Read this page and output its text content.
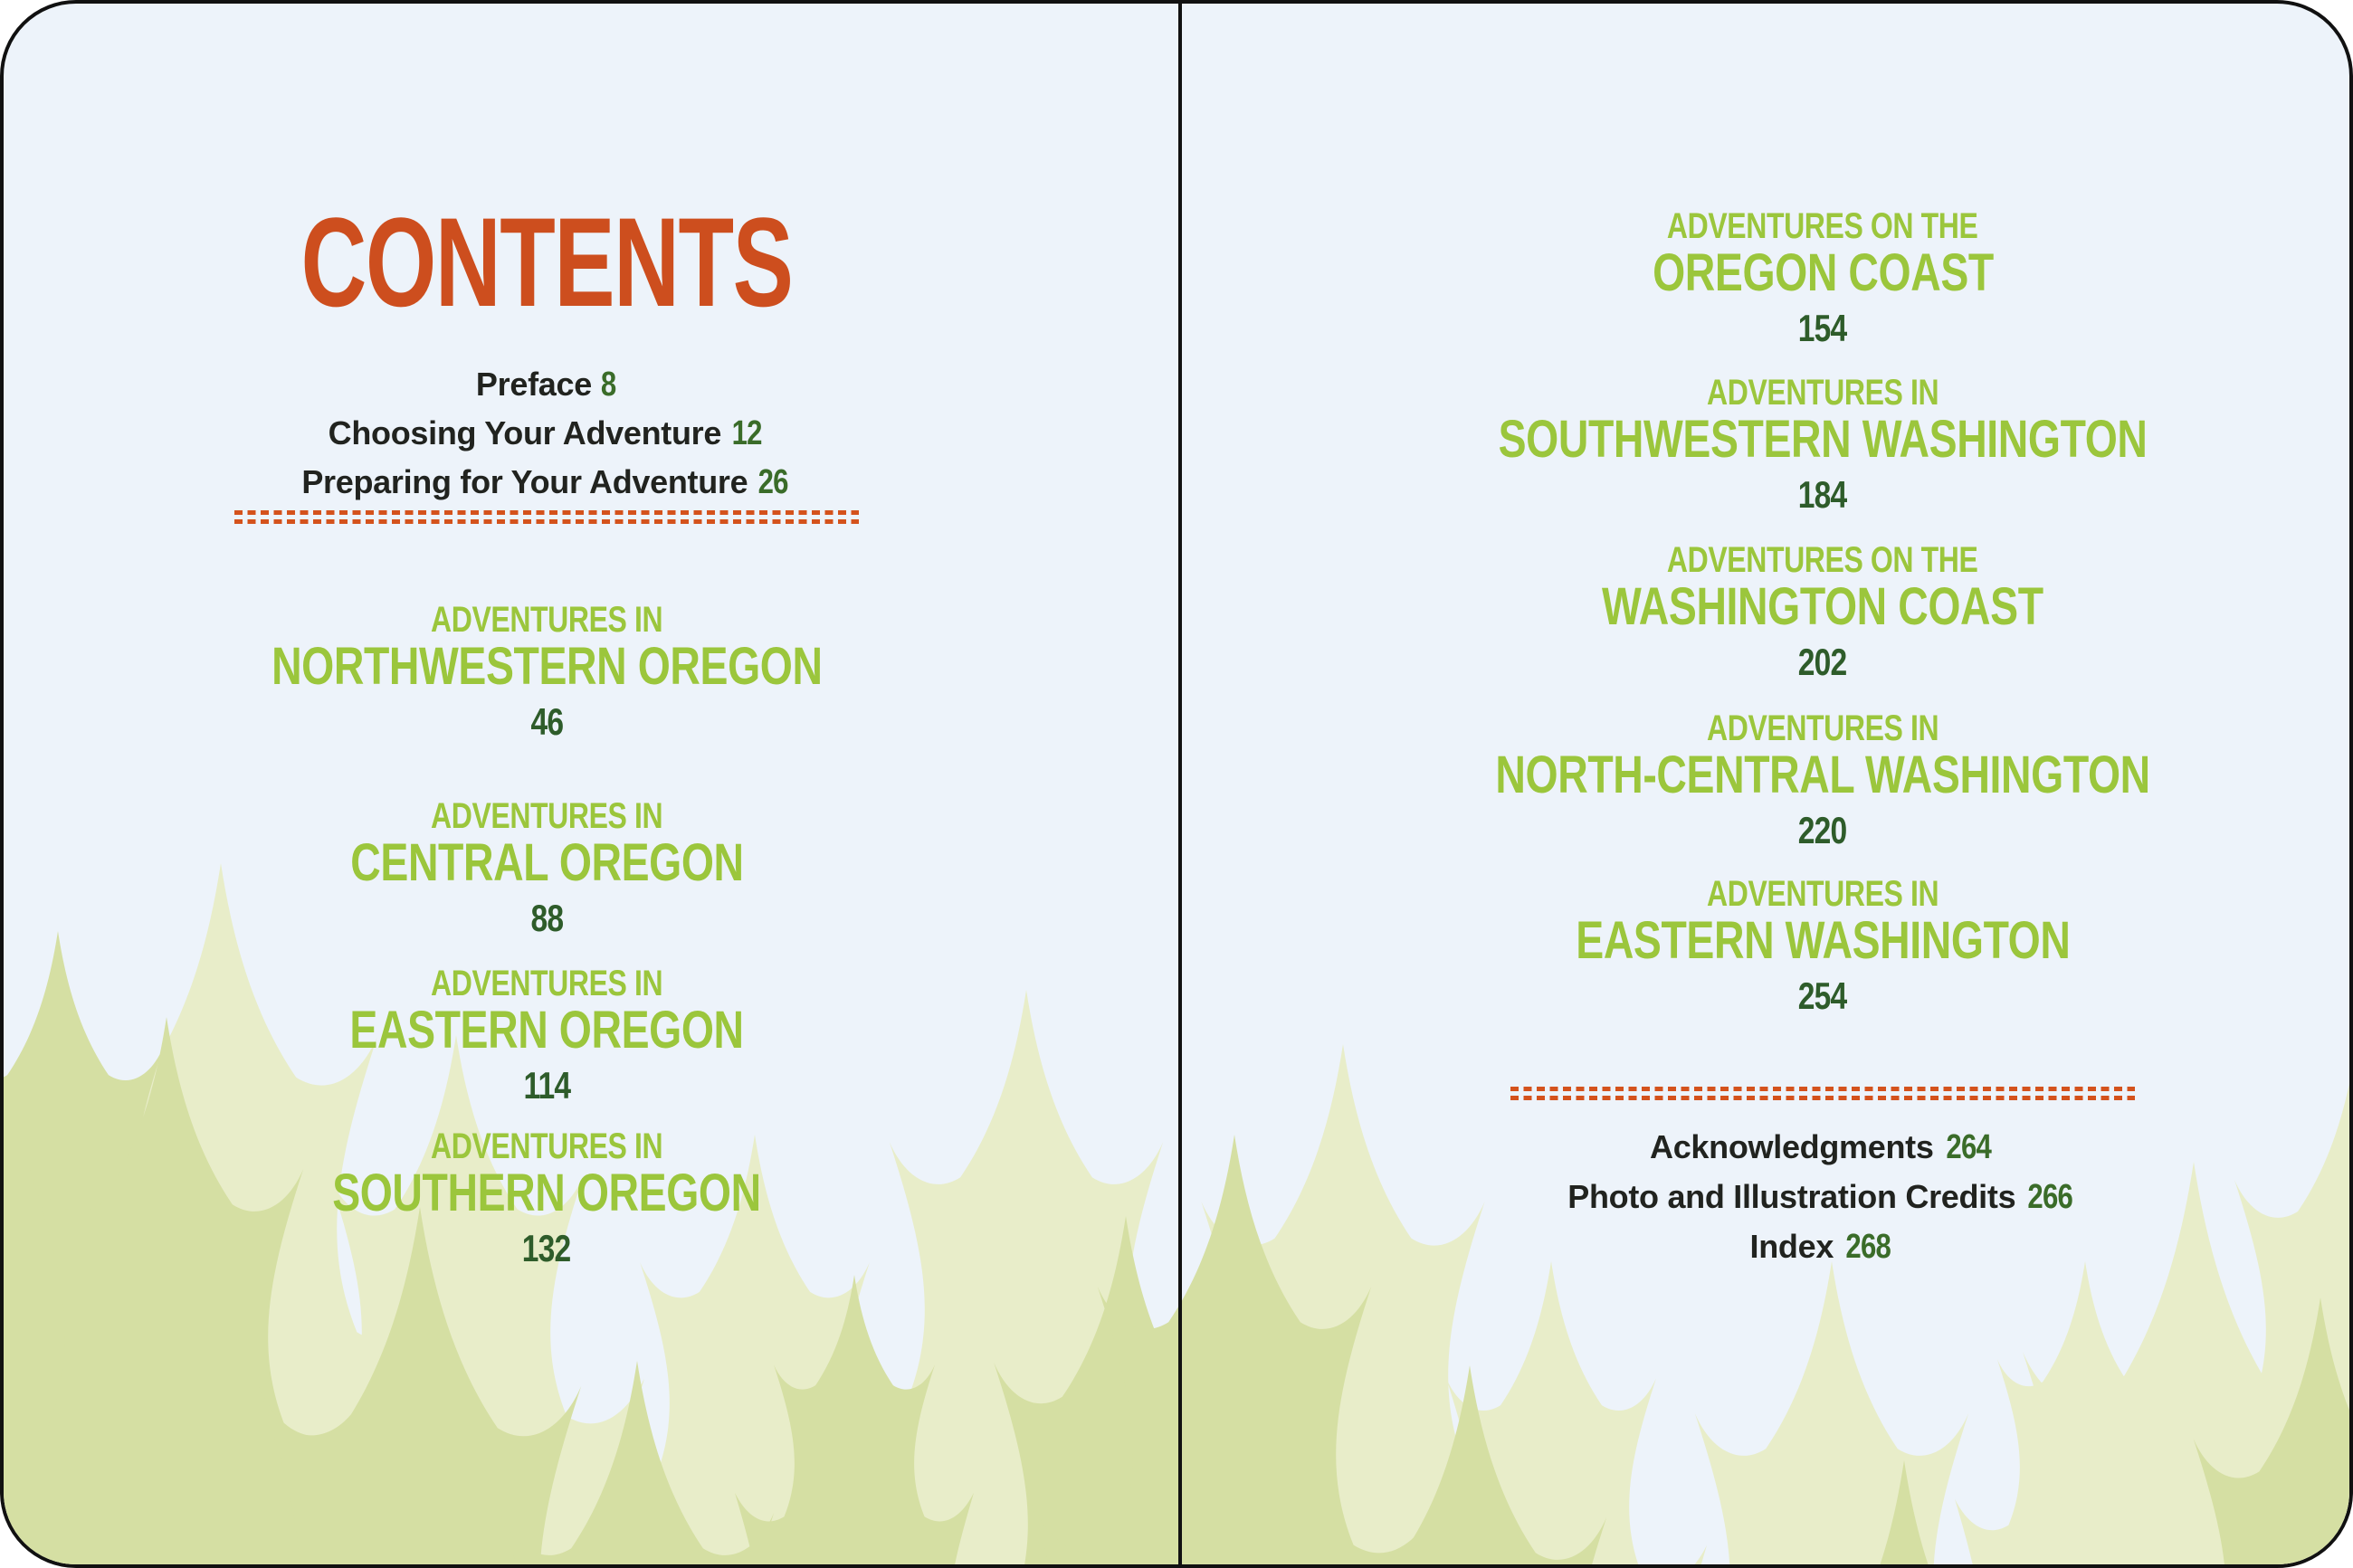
CONTENTS
Preface 8
Choosing Your Adventure 12
Preparing for Your Adventure 26
ADVENTURES IN
NORTHWESTERN OREGON
46
ADVENTURES IN
CENTRAL OREGON
88
ADVENTURES IN
EASTERN OREGON
114
ADVENTURES IN
SOUTHERN OREGON
132
ADVENTURES ON THE
OREGON COAST
154
ADVENTURES IN
SOUTHWESTERN WASHINGTON
184
ADVENTURES ON THE
WASHINGTON COAST
202
ADVENTURES IN
NORTH-CENTRAL WASHINGTON
220
ADVENTURES IN
EASTERN WASHINGTON
254
Acknowledgments 264
Photo and Illustration Credits 266
Index 268
